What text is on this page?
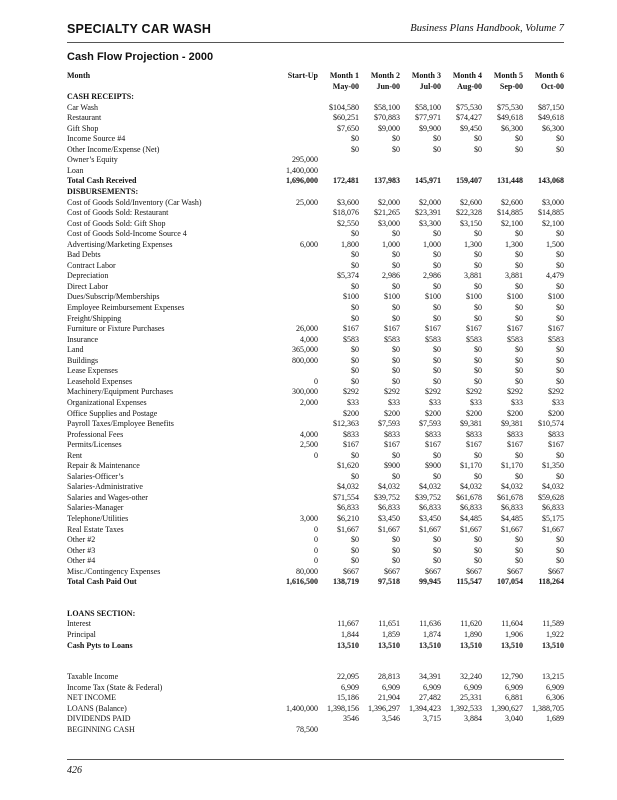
SPECIALTY CAR WASH	Business Plans Handbook, Volume 7
Cash Flow Projection - 2000
Month	Start-Up	Month 1	Month 2	Month 3	Month 4	Month 5	Month 6
		May-00	Jun-00	Jul-00	Aug-00	Sep-00	Oct-00
CASH RECEIPTS:							
Car Wash		$104,580	$58,100	$58,100	$75,530	$75,530	$87,150
Restaurant		$60,251	$70,883	$77,971	$74,427	$49,618	$49,618
Gift Shop		$7,650	$9,000	$9,900	$9,450	$6,300	$6,300
Income Source #4		$0	$0	$0	$0	$0	$0
Other Income/Expense (Net)		$0	$0	$0	$0	$0	$0
Owner’s Equity	295,000						
Loan	1,400,000						
Total Cash Received	1,696,000	172,481	137,983	145,971	159,407	131,448	143,068
DISBURSEMENTS:							
Cost of Goods Sold/Inventory (Car Wash)	25,000	$3,600	$2,000	$2,000	$2,600	$2,600	$3,000
Cost of Goods Sold: Restaurant		$18,076	$21,265	$23,391	$22,328	$14,885	$14,885
Cost of Goods Sold: Gift Shop		$2,550	$3,000	$3,300	$3,150	$2,100	$2,100
Cost of Goods Sold-Income Source 4		$0	$0	$0	$0	$0	$0
Advertising/Marketing Expenses	6,000	1,800	1,000	1,000	1,300	1,300	1,500
Bad Debts		$0	$0	$0	$0	$0	$0
Contract Labor		$0	$0	$0	$0	$0	$0
Depreciation		$5,374	2,986	2,986	3,881	3,881	4,479
Direct Labor		$0	$0	$0	$0	$0	$0
Dues/Subscrip/Memberships		$100	$100	$100	$100	$100	$100
Employee Reimbursement Expenses		$0	$0	$0	$0	$0	$0
Freight/Shipping		$0	$0	$0	$0	$0	$0
Furniture or Fixture Purchases	26,000	$167	$167	$167	$167	$167	$167
Insurance	4,000	$583	$583	$583	$583	$583	$583
Land	365,000	$0	$0	$0	$0	$0	$0
Buildings	800,000	$0	$0	$0	$0	$0	$0
Lease Expenses		$0	$0	$0	$0	$0	$0
Leasehold Expenses	0	$0	$0	$0	$0	$0	$0
Machinery/Equipment Purchases	300,000	$292	$292	$292	$292	$292	$292
Organizational Expenses	2,000	$33	$33	$33	$33	$33	$33
Office Supplies and Postage		$200	$200	$200	$200	$200	$200
Payroll Taxes/Employee Benefits		$12,363	$7,593	$7,593	$9,381	$9,381	$10,574
Professional Fees	4,000	$833	$833	$833	$833	$833	$833
Permits/Licenses	2,500	$167	$167	$167	$167	$167	$167
Rent	0	$0	$0	$0	$0	$0	$0
Repair & Maintenance		$1,620	$900	$900	$1,170	$1,170	$1,350
Salaries-Officer’s		$0	$0	$0	$0	$0	$0
Salaries-Administrative		$4,032	$4,032	$4,032	$4,032	$4,032	$4,032
Salaries and Wages-other		$71,554	$39,752	$39,752	$61,678	$61,678	$59,628
Salaries-Manager		$6,833	$6,833	$6,833	$6,833	$6,833	$6,833
Telephone/Utilities	3,000	$6,210	$3,450	$3,450	$4,485	$4,485	$5,175
Real Estate Taxes	0	$1,667	$1,667	$1,667	$1,667	$1,667	$1,667
Other #2	0	$0	$0	$0	$0	$0	$0
Other #3	0	$0	$0	$0	$0	$0	$0
Other #4	0	$0	$0	$0	$0	$0	$0
Misc./Contingency Expenses	80,000	$667	$667	$667	$667	$667	$667
Total Cash Paid Out	1,616,500	138,719	97,518	99,945	115,547	107,054	118,264

LOANS SECTION:							
Interest		11,667	11,651	11,636	11,620	11,604	11,589
Principal		1,844	1,859	1,874	1,890	1,906	1,922
Cash Pyts to Loans		13,510	13,510	13,510	13,510	13,510	13,510

Taxable Income		22,095	28,813	34,391	32,240	12,790	13,215
Income Tax (State & Federal)		6,909	6,909	6,909	6,909	6,909	6,909
NET INCOME		15,186	21,904	27,482	25,331	6,881	6,306
LOANS (Balance)	1,400,000	1,398,156	1,396,297	1,394,423	1,392,533	1,390,627	1,388,705
DIVIDENDS PAID		3546	3,546	3,715	3,884	3,040	1,689
BEGINNING CASH	78,500						
426
